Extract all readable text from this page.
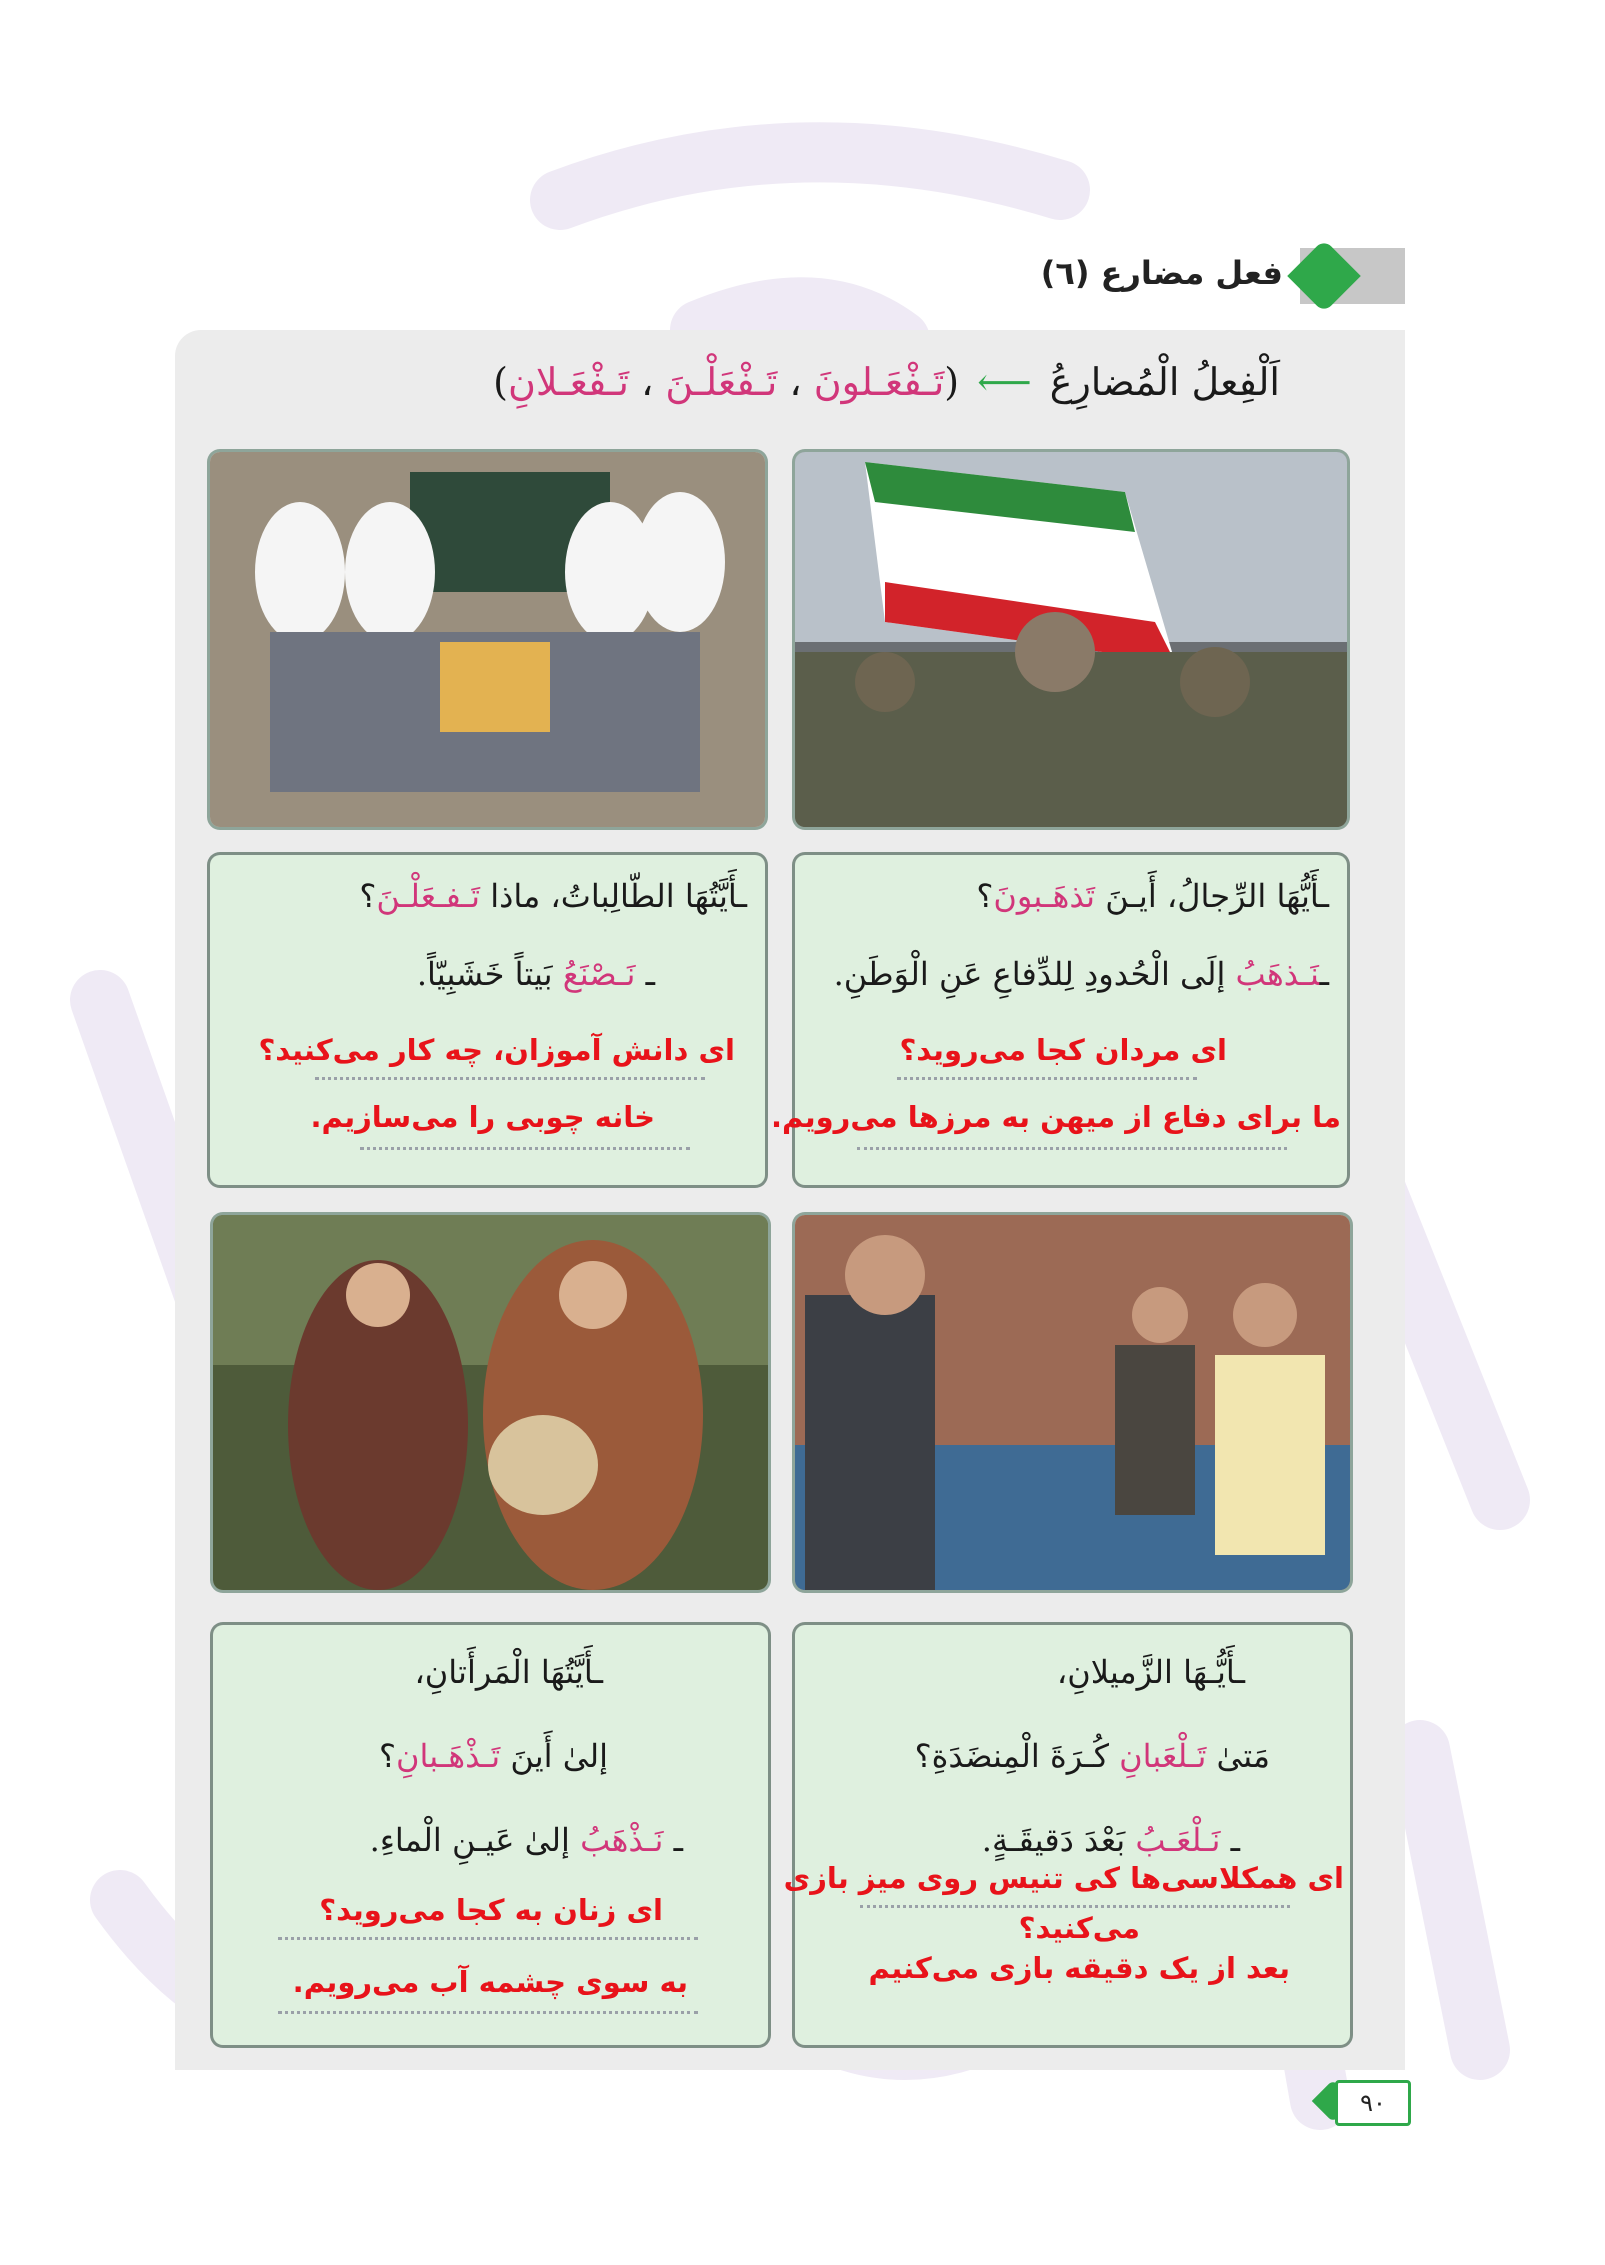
فعل مضارع (٦)
اَلْفِعلُ الْمُضارِعُ ⟵ (تَـفْعَـلونَ ، تَـفْعَلْـنَ ، تَـفْعَـلانِ)
ـأَيُّهَا الرِّجالُ، أَيـنَ تَذهَـبونَ؟
ـنَـذهَبُ إلَى الْحُدودِ لِلدِّفاعِ عَنِ الْوَطَنِ.
ای مردان کجا می‌روید؟
ما برای دفاع از میهن به مرزها می‌رویم.
ـأَيَّتُهَا الطّالِباتُ، ماذا تَـفـعَلْـنَ؟
ـ نَـصْنَعُ بَيتاً خَشَبِيّاً.
ای دانش آموزان، چه کار می‌کنید؟
خانه چوبی را می‌سازیم.
ـأَيُّـهَا الزَّميلانِ،
مَتىٰ تَـلْعَبانِ كُـرَةَ الْمِنضَدَةِ؟
ـ نَـلْعَـبُ بَعْدَ دَقيقَـةٍ.
ای همکلاسی‌ها کی تنیس روی میز بازی
می‌کنید؟
بعد از یک دقیقه بازی می‌کنیم
ـأَيَّتُهَا الْمَرأَتانِ،
إلىٰ أَينَ تَـذْهَـبانِ؟
ـ نَـذْهَبُ إلىٰ عَيـنِ الْماءِ.
ای زنان به کجا می‌روید؟
به سوی چشمه آب می‌رویم.
٩٠
